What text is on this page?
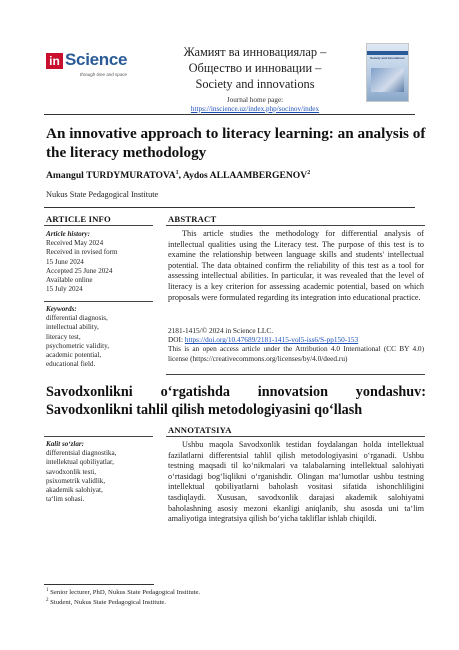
in Science
through time and space
Жамият ва инновациялар –
Общество и инновации –
Society and innovations
Journal home page:
https://inscience.uz/index.php/socinov/index
Society and innovations
An innovative approach to literacy learning: an analysis of the literacy methodology
Amangul TURDYMURATOVA$^1$, Aydos ALLAAMBERGENOV$^2$
Nukus State Pedagogical Institute
ARTICLE INFO	ABSTRACT
Article history:
Received May 2024
Received in revised form
15 June 2024
Accepted 25 June 2024
Available online
15 July 2024
Keywords:
differential diagnosis,
intellectual ability,
literacy test,
psychometric validity,
academic potential,
educational field.

This article studies the methodology for differential analysis of intellectual qualities using the Literacy test. The purpose of this test is to examine the relationship between language skills and students' intellectual potential. The data obtained confirm the reliability of this test as a tool for assessing intellectual abilities. In particular, it was revealed that the level of literacy is a key criterion for assessing academic potential, based on which proposals were formulated regarding its integration into educational practice.

2181-1415/© 2024 in Science LLC.
DOI: https://doi.org/10.47689/2181-1415-vol5-iss6/S-pp150-153
This is an open access article under the Attribution 4.0 International (CC BY 4.0) license (https://creativecommons.org/licenses/by/4.0/deed.ru)
Savodxonlikni oʻrgatishda innovatsion yondashuv: Savodxonlikni tahlil qilish metodologiyasini qoʻllash
ANNOTATSIYA
Kalit soʻzlar:
differentsial diagnostika,
intellektual qobiliyatlar,
savodxonlik testi,
psixometrik validlik,
akademik salohiyat,
taʻlim sohasi.

Ushbu maqola Savodxonlik testidan foydalangan holda intellektual fazilatlarni differentsial tahlil qilish metodologiyasini oʻrganadi. Ushbu testning maqsadi til koʻnikmalari va talabalarning intellektual salohiyati oʻrtasidagi bogʻliqlikni oʻrganishdir. Olingan maʻlumotlar ushbu testning intellektual qobiliyatlarni baholash vositasi sifatida ishonchliligini tasdiqlaydi. Xususan, savodxonlik darajasi akademik salohiyatni baholashning asosiy mezoni ekanligi aniqlanib, shu asosda uni taʻlim amaliyotiga integratsiya qilish boʻyicha takliflar ishlab chiqildi.

$^1$ Senior lecturer, PhD, Nukus State Pedagogical Institute.
$^2$ Student, Nukus State Pedagogical Institute.
